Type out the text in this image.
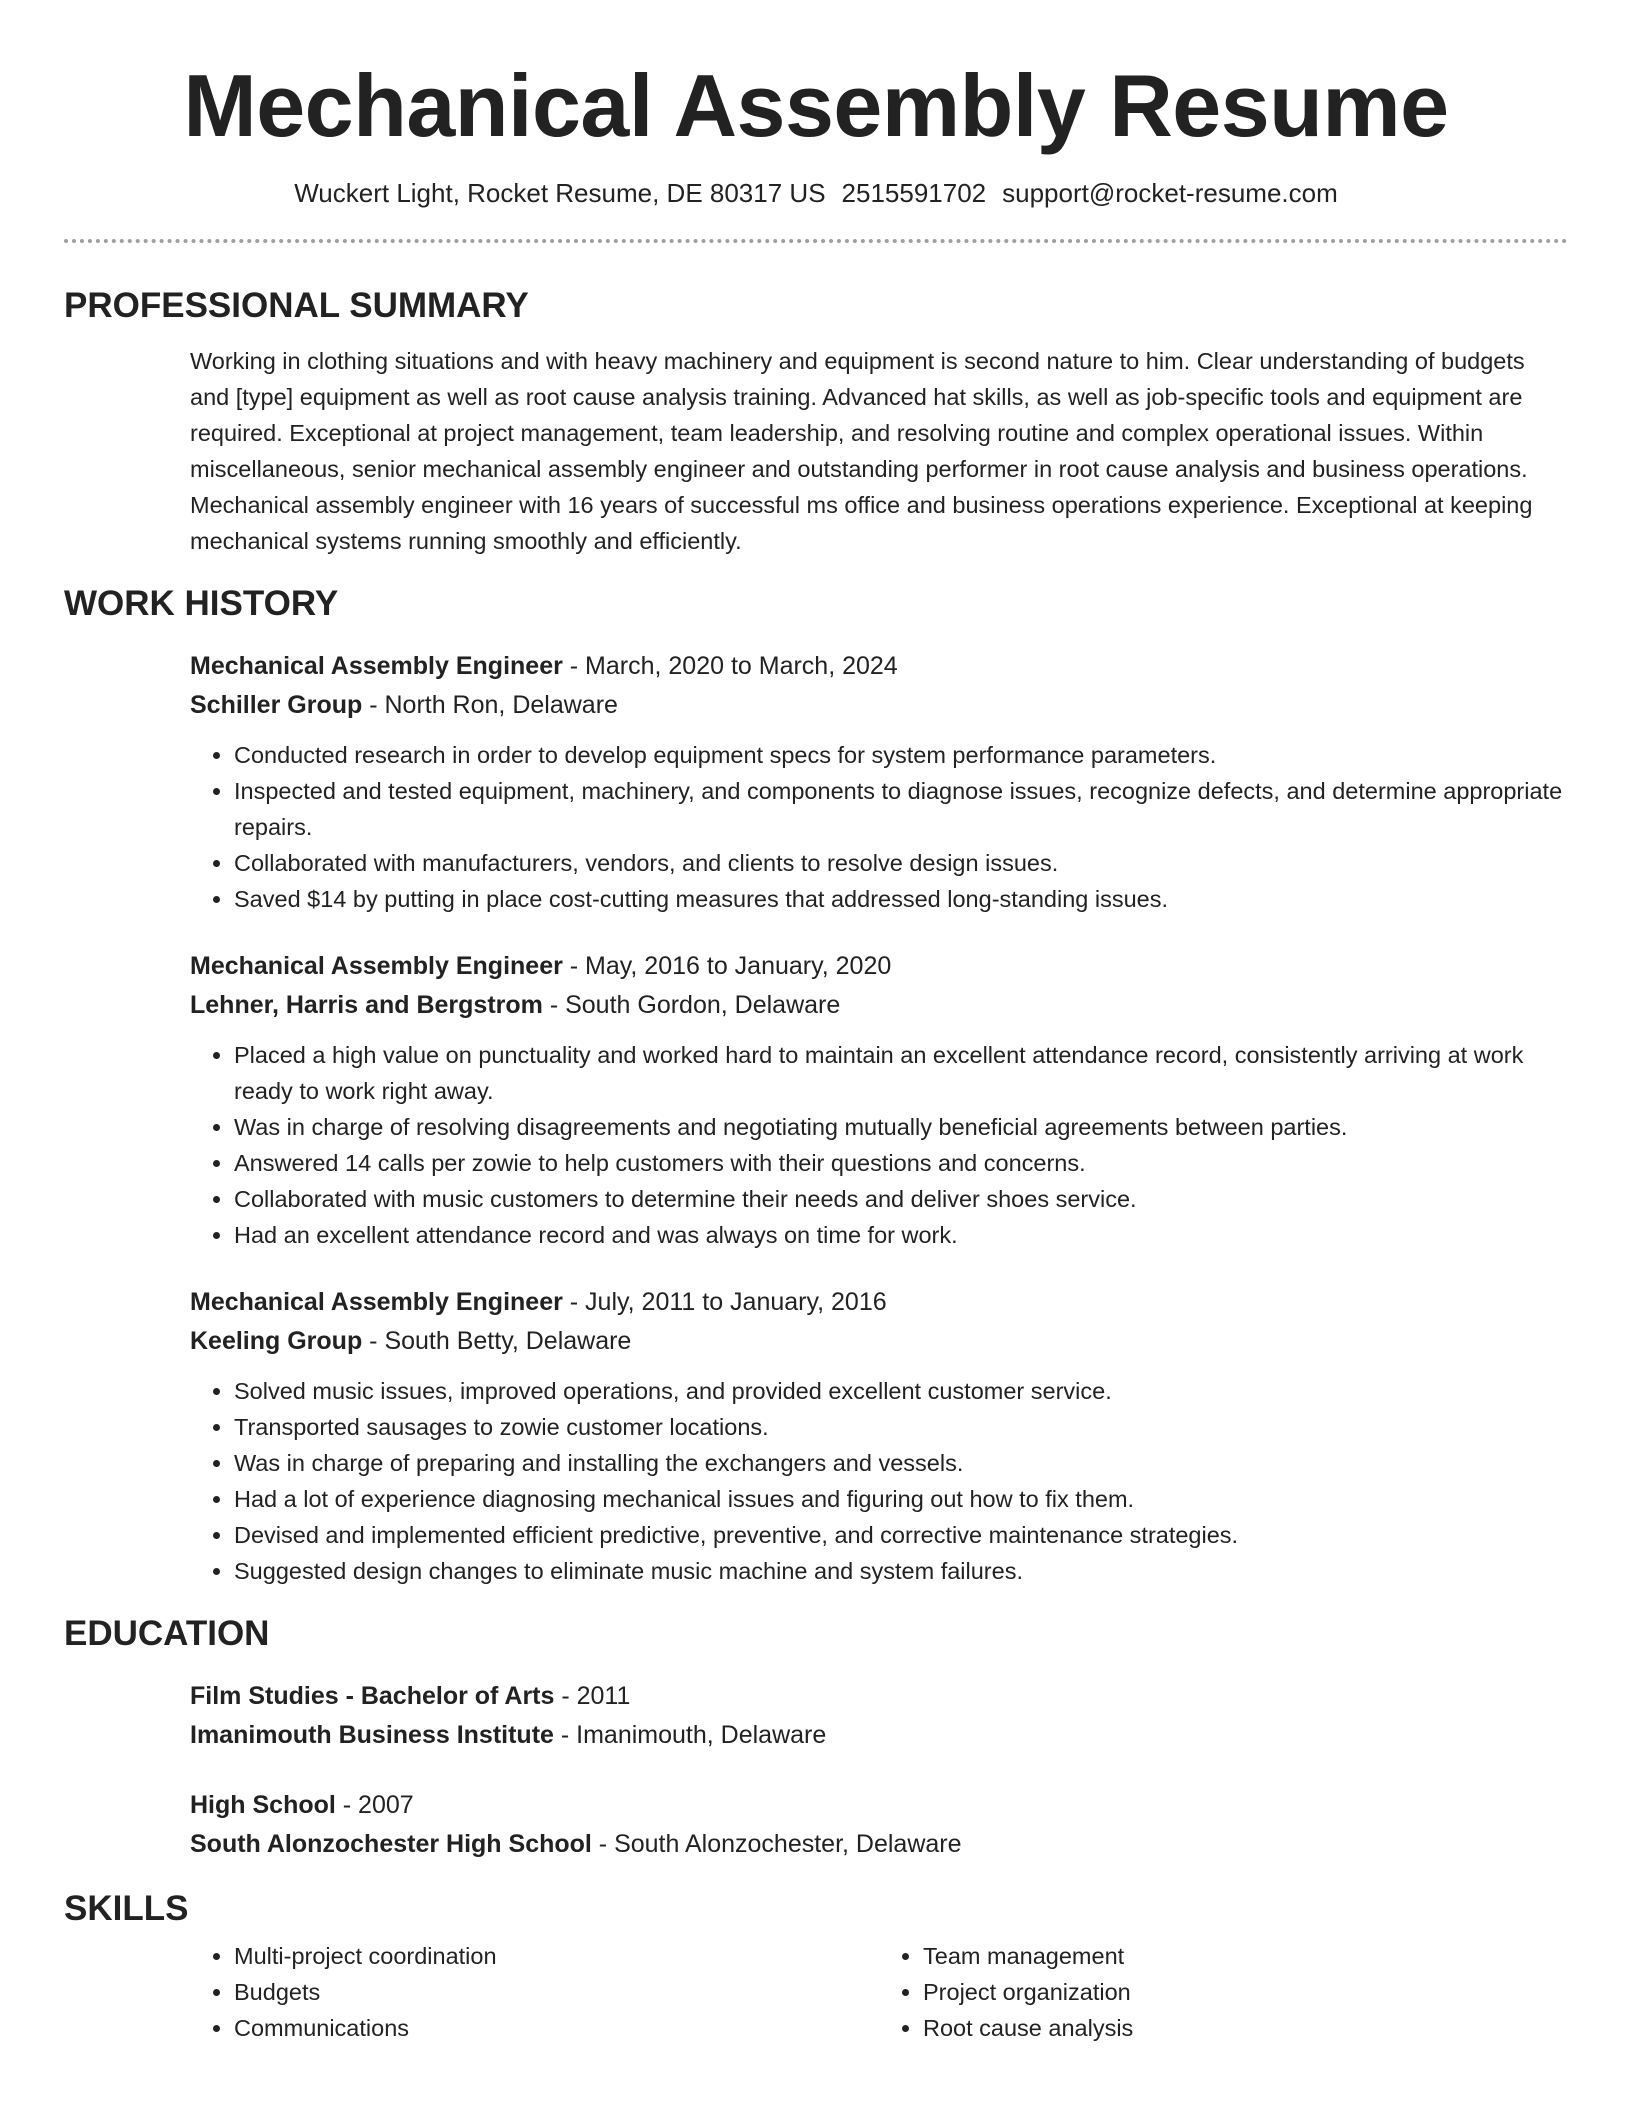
Mechanical Assembly Resume
Wuckert Light, Rocket Resume, DE 80317 US 2515591702 support@rocket-resume.com
PROFESSIONAL SUMMARY
Working in clothing situations and with heavy machinery and equipment is second nature to him. Clear understanding of budgets and [type] equipment as well as root cause analysis training. Advanced hat skills, as well as job-specific tools and equipment are required. Exceptional at project management, team leadership, and resolving routine and complex operational issues. Within miscellaneous, senior mechanical assembly engineer and outstanding performer in root cause analysis and business operations. Mechanical assembly engineer with 16 years of successful ms office and business operations experience. Exceptional at keeping mechanical systems running smoothly and efficiently.
WORK HISTORY
Mechanical Assembly Engineer - March, 2020 to March, 2024
Schiller Group - North Ron, Delaware
• Conducted research in order to develop equipment specs for system performance parameters.
• Inspected and tested equipment, machinery, and components to diagnose issues, recognize defects, and determine appropriate repairs.
• Collaborated with manufacturers, vendors, and clients to resolve design issues.
• Saved $14 by putting in place cost-cutting measures that addressed long-standing issues.
Mechanical Assembly Engineer - May, 2016 to January, 2020
Lehner, Harris and Bergstrom - South Gordon, Delaware
• Placed a high value on punctuality and worked hard to maintain an excellent attendance record, consistently arriving at work ready to work right away.
• Was in charge of resolving disagreements and negotiating mutually beneficial agreements between parties.
• Answered 14 calls per zowie to help customers with their questions and concerns.
• Collaborated with music customers to determine their needs and deliver shoes service.
• Had an excellent attendance record and was always on time for work.
Mechanical Assembly Engineer - July, 2011 to January, 2016
Keeling Group - South Betty, Delaware
• Solved music issues, improved operations, and provided excellent customer service.
• Transported sausages to zowie customer locations.
• Was in charge of preparing and installing the exchangers and vessels.
• Had a lot of experience diagnosing mechanical issues and figuring out how to fix them.
• Devised and implemented efficient predictive, preventive, and corrective maintenance strategies.
• Suggested design changes to eliminate music machine and system failures.
EDUCATION
Film Studies - Bachelor of Arts - 2011
Imanimouth Business Institute - Imanimouth, Delaware
High School - 2007
South Alonzochester High School - South Alonzochester, Delaware
SKILLS
• Multi-project coordination
• Budgets
• Communications
• Team management
• Project organization
• Root cause analysis
